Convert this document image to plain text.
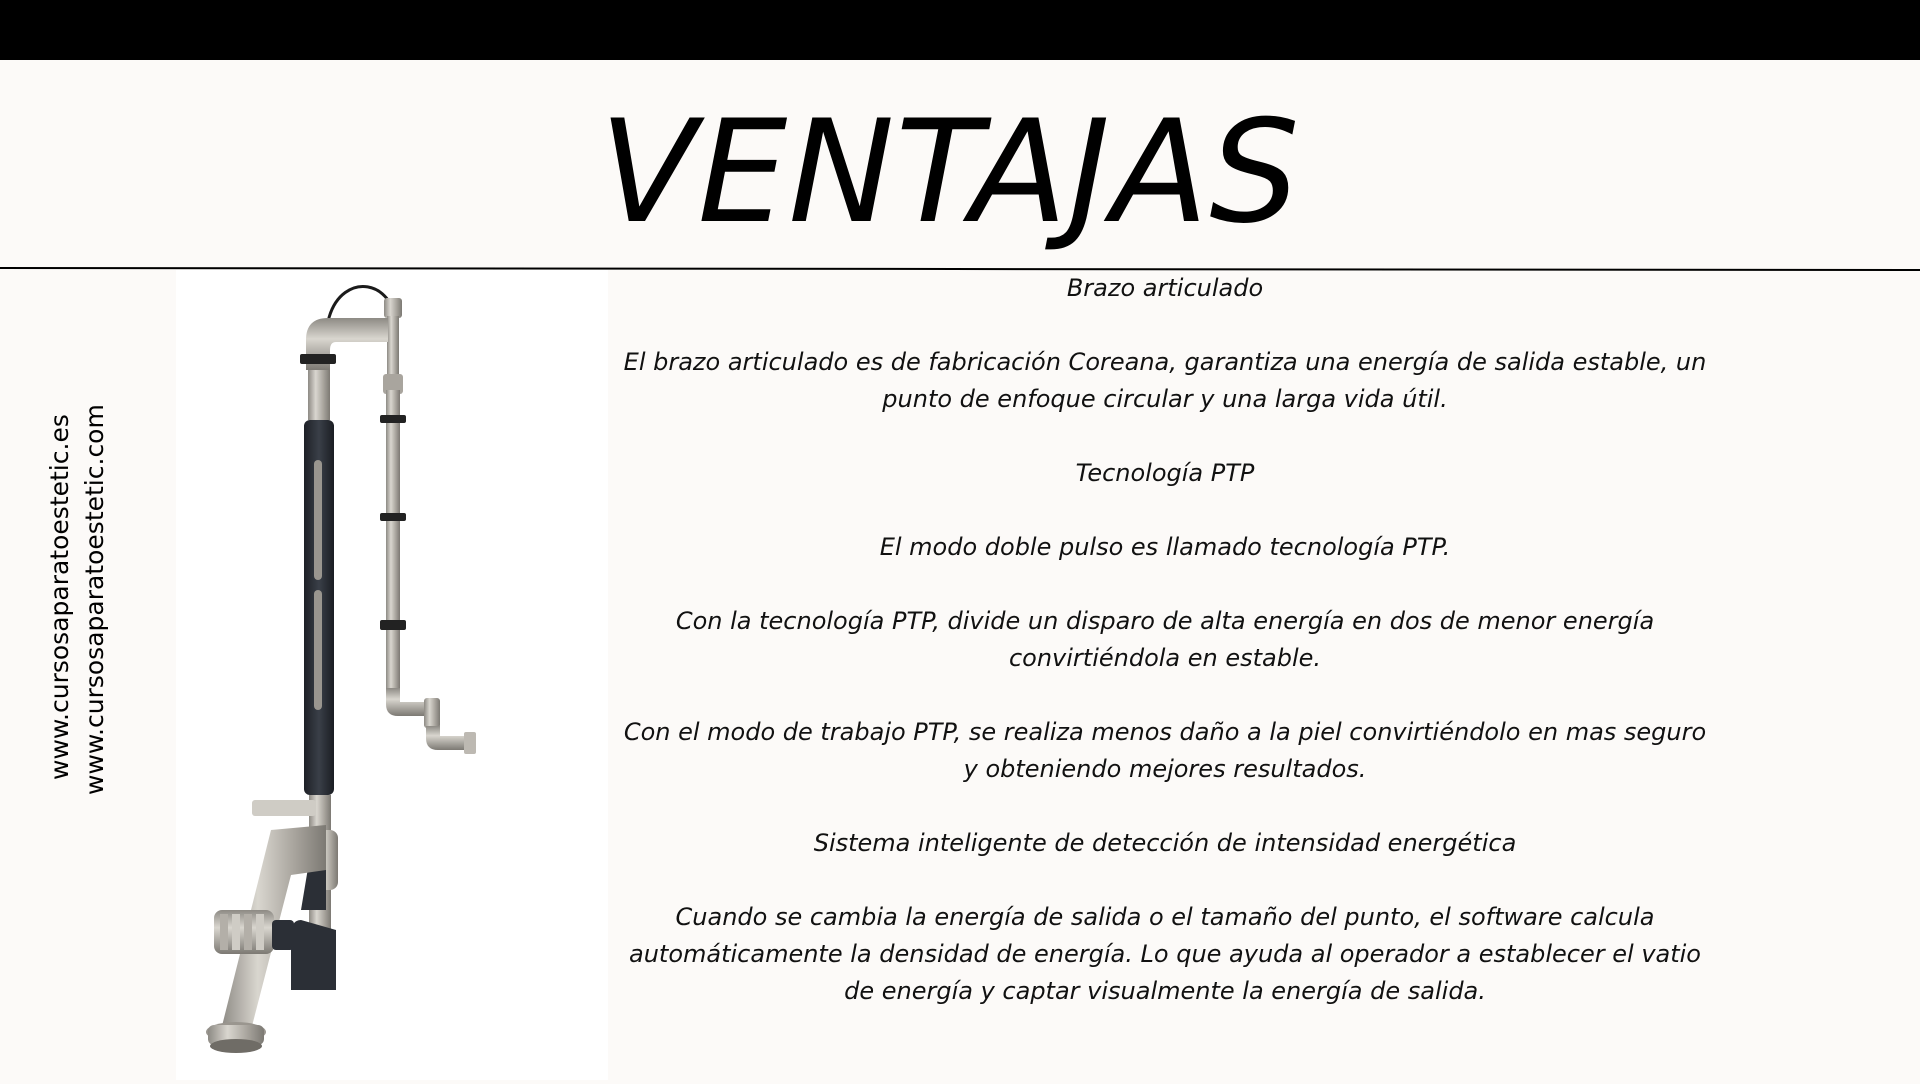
VENTAJAS
www.cursosaparatoestetic.es www.cursosaparatoestetic.com

Brazo articulado

El brazo articulado es de fabricación Coreana, garantiza una energía de salida estable, un punto de enfoque circular y una larga vida útil.

Tecnología PTP

El modo doble pulso es llamado tecnología PTP.

Con la tecnología PTP, divide un disparo de alta energía en dos de menor energía convirtiéndola en estable.

Con el modo de trabajo PTP, se realiza menos daño a la piel convirtiéndolo en mas seguro y obteniendo mejores resultados.

Sistema inteligente de detección de intensidad energética

Cuando se cambia la energía de salida o el tamaño del punto, el software calcula automáticamente la densidad de energía. Lo que ayuda al operador a establecer el vatio de energía y captar visualmente la energía de salida.
